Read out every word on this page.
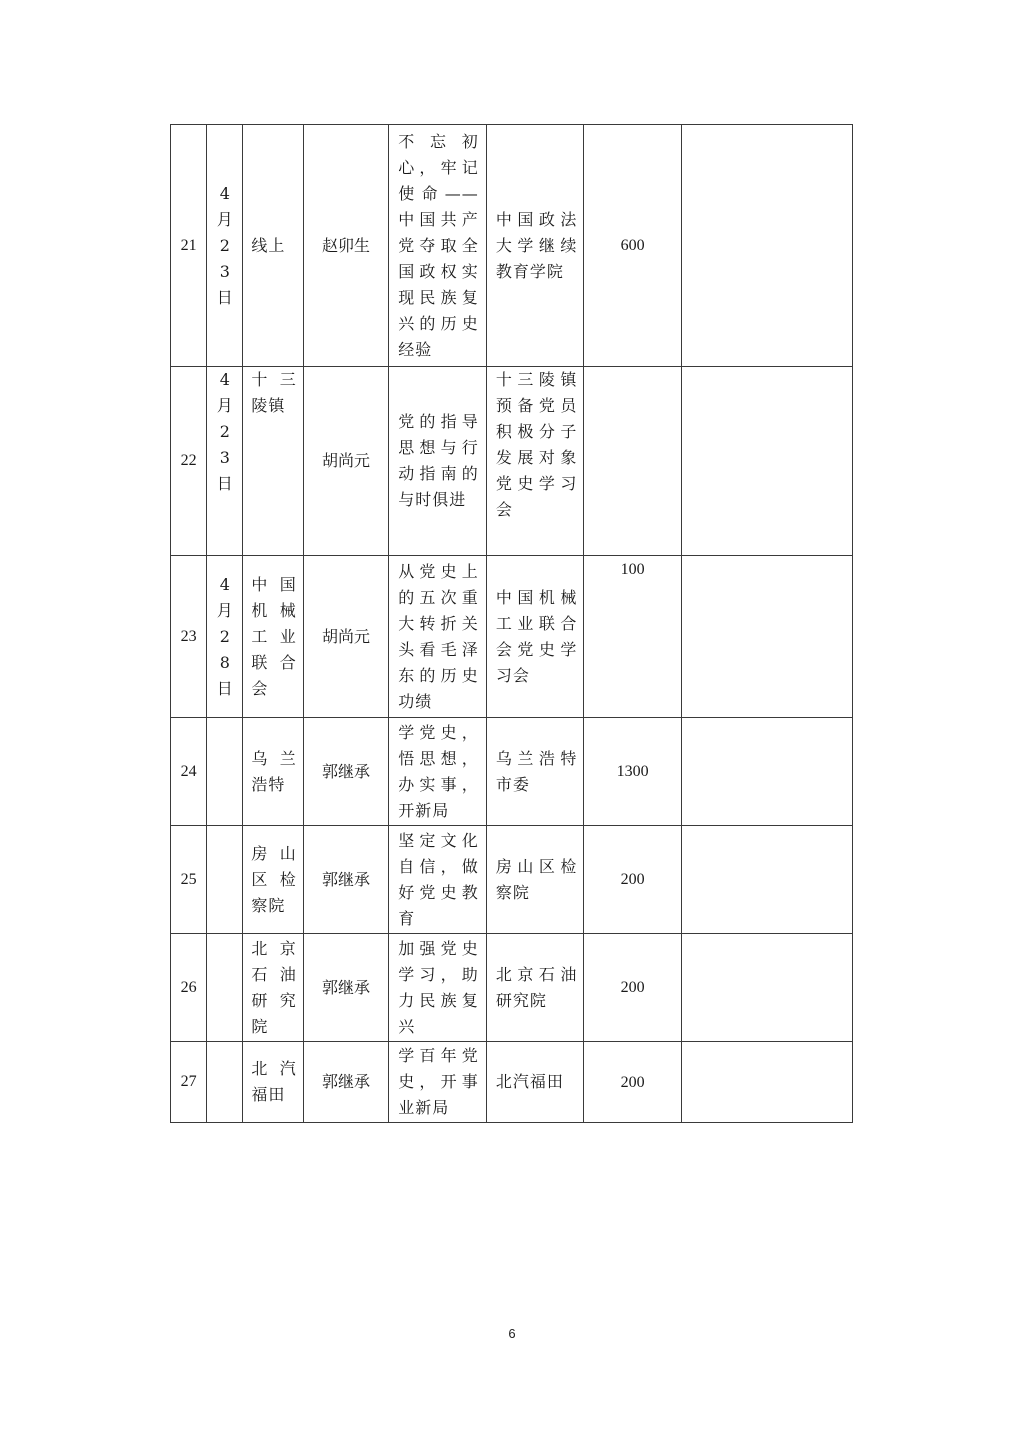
21	4月23日	线上	赵卯生	不忘初心，牢记使命——中国共产党夺取全国政权实现民族复兴的历史经验	中国政法大学继续教育学院	600	

22	4月23日	十三陵镇	胡尚元	党的指导思想与行动指南的与时俱进	十三陵镇预备党员积极分子发展对象党史学习会		

23	4月28日	中国机械工业联合会	胡尚元	从党史上的五次重大转折关头看毛泽东的历史功绩	中国机械工业联合会党史学习会	100	

24		乌兰浩特	郭继承	学党史，悟思想，办实事，开新局	乌兰浩特市委	1300	

25		房山区检察院	郭继承	坚定文化自信，做好党史教育	房山区检察院	200	

26		北京石油研究院	郭继承	加强党史学习，助力民族复兴	北京石油研究院	200	

27		北汽福田	郭继承	学百年党史，开事业新局	北汽福田	200	
6
